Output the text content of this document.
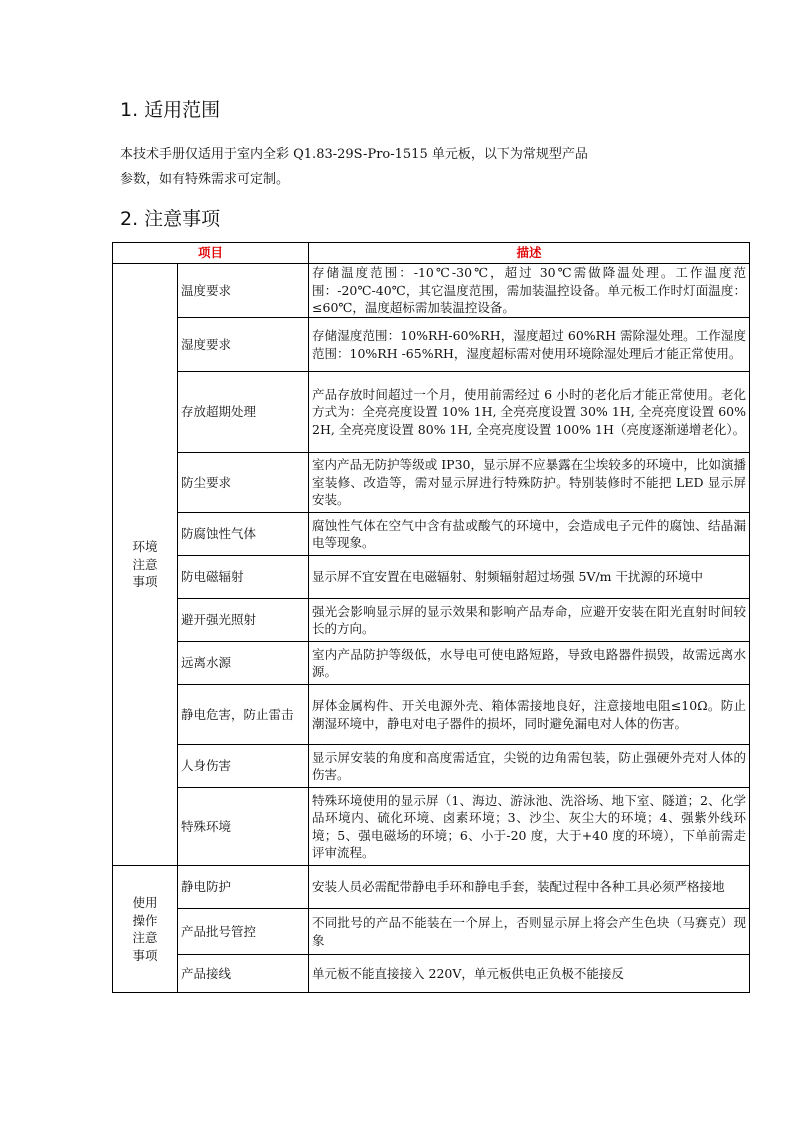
1. 适用范围
本技术手册仅适用于室内全彩 Q1.83-29S-Pro-1515 单元板，以下为常规型产品
参数，如有特殊需求可定制。
2. 注意事项
项目		描述
环境
注意
事项	温度要求	存储温度范围：-10℃-30℃，超过 30℃需做降温处理。工作温度范围：-20℃-40℃，其它温度范围，需加装温控设备。单元板工作时灯面温度：≤60℃，温度超标需加装温控设备。
	湿度要求	存储湿度范围：10%RH-60%RH，湿度超过 60%RH 需除湿处理。工作湿度范围：10%RH -65%RH，湿度超标需对使用环境除湿处理后才能正常使用。
	存放超期处理	产品存放时间超过一个月，使用前需经过 6 小时的老化后才能正常使用。老化方式为：全亮亮度设置 10% 1H, 全亮亮度设置 30% 1H, 全亮亮度设置 60% 2H, 全亮亮度设置 80% 1H, 全亮亮度设置 100% 1H（亮度逐渐递增老化）。
	防尘要求	室内产品无防护等级或 IP30，显示屏不应暴露在尘埃较多的环境中，比如演播室装修、改造等，需对显示屏进行特殊防护。特别装修时不能把 LED 显示屏安装。
	防腐蚀性气体	腐蚀性气体在空气中含有盐或酸气的环境中，会造成电子元件的腐蚀、结晶漏电等现象。
	防电磁辐射	显示屏不宜安置在电磁辐射、射频辐射超过场强 5V/m 干扰源的环境中
	避开强光照射	强光会影响显示屏的显示效果和影响产品寿命，应避开安装在阳光直射时间较长的方向。
	远离水源	室内产品防护等级低，水导电可使电路短路，导致电路器件损毁，故需远离水源。
	静电危害，防止雷击	屏体金属构件、开关电源外壳、箱体需接地良好，注意接地电阻≤10Ω。防止潮湿环境中，静电对电子器件的损坏，同时避免漏电对人体的伤害。
	人身伤害	显示屏安装的角度和高度需适宜，尖锐的边角需包装，防止强硬外壳对人体的伤害。
	特殊环境	特殊环境使用的显示屏（1、海边、游泳池、洗浴场、地下室、隧道；2、化学品环境内、硫化环境、卤素环境；3、沙尘、灰尘大的环境；4、强紫外线环境；5、强电磁场的环境；6、小于-20 度，大于+40 度的环境），下单前需走评审流程。
使用
操作
注意
事项	静电防护	安装人员必需配带静电手环和静电手套，装配过程中各种工具必须严格接地
	产品批号管控	不同批号的产品不能装在一个屏上，否则显示屏上将会产生色块（马赛克）现象
	产品接线	单元板不能直接接入 220V，单元板供电正负极不能接反
